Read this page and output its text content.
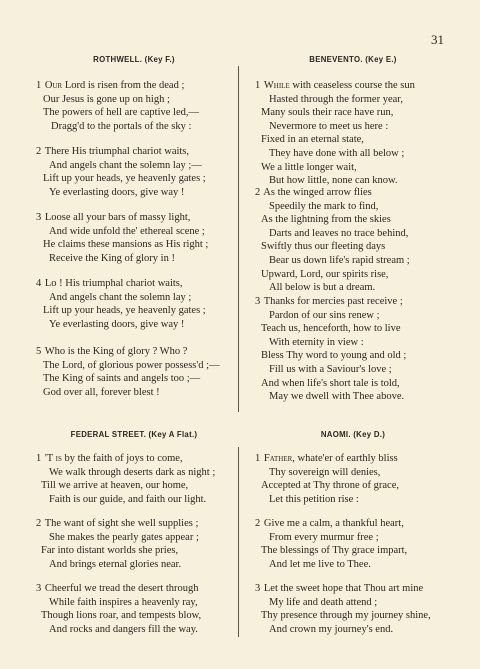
31
ROTHWELL. (Key F.)
1 Our Lord is risen from the dead ;
Our Jesus is gone up on high ;
The powers of hell are captive led,—
Dragg'd to the portals of the sky :
2 There His triumphal chariot waits,
And angels chant the solemn lay ;—
Lift up your heads, ye heavenly gates ;
Ye everlasting doors, give way !
3 Loose all your bars of massy light,
And wide unfold the' ethereal scene ;
He claims these mansions as His right ;
Receive the King of glory in !
4 Lo ! His triumphal chariot waits,
And angels chant the solemn lay ;
Lift up your heads, ye heavenly gates ;
Ye everlasting doors, give way !
5 Who is the King of glory ? Who ?
The Lord, of glorious power possess'd ;—
The King of saints and angels too ;—
God over all, forever blest !
BENEVENTO. (Key E.)
1 While with ceaseless course the sun
Hasted through the former year,
Many souls their race have run,
Nevermore to meet us here :
Fixed in an eternal state,
They have done with all below ;
We a little longer wait,
But how little, none can know.
2 As the winged arrow flies
Speedily the mark to find,
As the lightning from the skies
Darts and leaves no trace behind,
Swiftly thus our fleeting days
Bear us down life's rapid stream ;
Upward, Lord, our spirits rise,
All below is but a dream.
3 Thanks for mercies past receive ;
Pardon of our sins renew ;
Teach us, henceforth, how to live
With eternity in view :
Bless Thy word to young and old ;
Fill us with a Saviour's love ;
And when life's short tale is told,
May we dwell with Thee above.
FEDERAL STREET. (Key A Flat.)
1 'T is by the faith of joys to come,
We walk through deserts dark as night ;
Till we arrive at heaven, our home,
Faith is our guide, and faith our light.
2 The want of sight she well supplies ;
She makes the pearly gates appear ;
Far into distant worlds she pries,
And brings eternal glories near.
3 Cheerful we tread the desert through
While faith inspires a heavenly ray,
Though lions roar, and tempests blow,
And rocks and dangers fill the way.
NAOMI. (Key D.)
1 Father, whate'er of earthly bliss
Thy sovereign will denies,
Accepted at Thy throne of grace,
Let this petition rise :
2 Give me a calm, a thankful heart,
From every murmur free ;
The blessings of Thy grace impart,
And let me live to Thee.
3 Let the sweet hope that Thou art mine
My life and death attend ;
Thy presence through my journey shine,
And crown my journey's end.
